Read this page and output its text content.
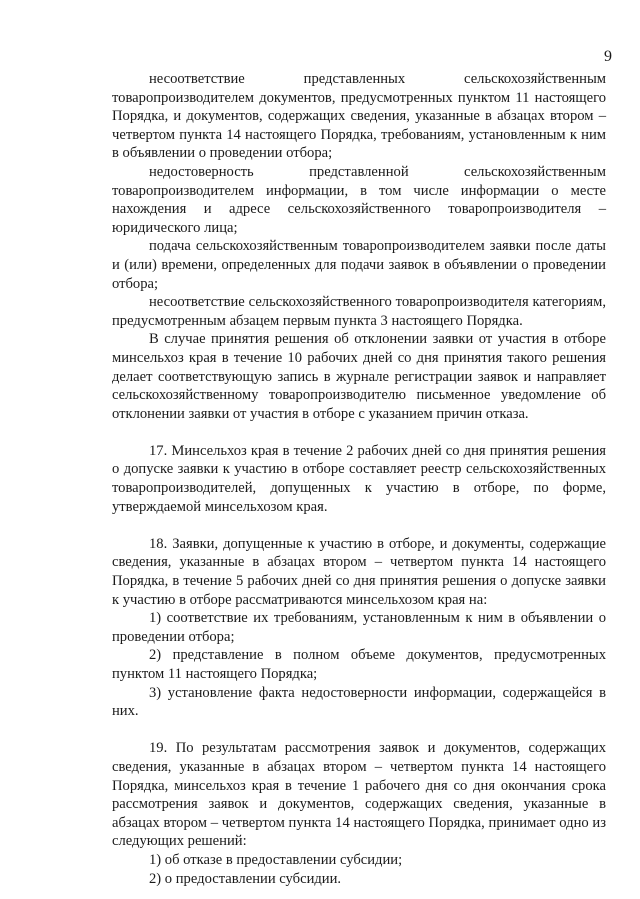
9

несоответствие представленных сельскохозяйственным товаропроизводителем документов, предусмотренных пунктом 11 настоящего Порядка, и документов, содержащих сведения, указанные в абзацах втором – четвертом пункта 14 настоящего Порядка, требованиям, установленным к ним в объявлении о проведении отбора;

недостоверность представленной сельскохозяйственным товаропроизводителем информации, в том числе информации о месте нахождения и адресе сельскохозяйственного товаропроизводителя – юридического лица;

подача сельскохозяйственным товаропроизводителем заявки после даты и (или) времени, определенных для подачи заявок в объявлении о проведении отбора;

несоответствие сельскохозяйственного товаропроизводителя категориям, предусмотренным абзацем первым пункта 3 настоящего Порядка.

В случае принятия решения об отклонении заявки от участия в отборе минсельхоз края в течение 10 рабочих дней со дня принятия такого решения делает соответствующую запись в журнале регистрации заявок и направляет сельскохозяйственному товаропроизводителю письменное уведомление об отклонении заявки от участия в отборе с указанием причин отказа.

17. Минсельхоз края в течение 2 рабочих дней со дня принятия решения о допуске заявки к участию в отборе составляет реестр сельскохозяйственных товаропроизводителей, допущенных к участию в отборе, по форме, утверждаемой минсельхозом края.

18. Заявки, допущенные к участию в отборе, и документы, содержащие сведения, указанные в абзацах втором – четвертом пункта 14 настоящего Порядка, в течение 5 рабочих дней со дня принятия решения о допуске заявки к участию в отборе рассматриваются минсельхозом края на:

1) соответствие их требованиям, установленным к ним в объявлении о проведении отбора;

2) представление в полном объеме документов, предусмотренных пунктом 11 настоящего Порядка;

3) установление факта недостоверности информации, содержащейся в них.

19. По результатам рассмотрения заявок и документов, содержащих сведения, указанные в абзацах втором – четвертом пункта 14 настоящего Порядка, минсельхоз края в течение 1 рабочего дня со дня окончания срока рассмотрения заявок и документов, содержащих сведения, указанные в абзацах втором – четвертом пункта 14 настоящего Порядка, принимает одно из следующих решений:

1) об отказе в предоставлении субсидии;

2) о предоставлении субсидии.
